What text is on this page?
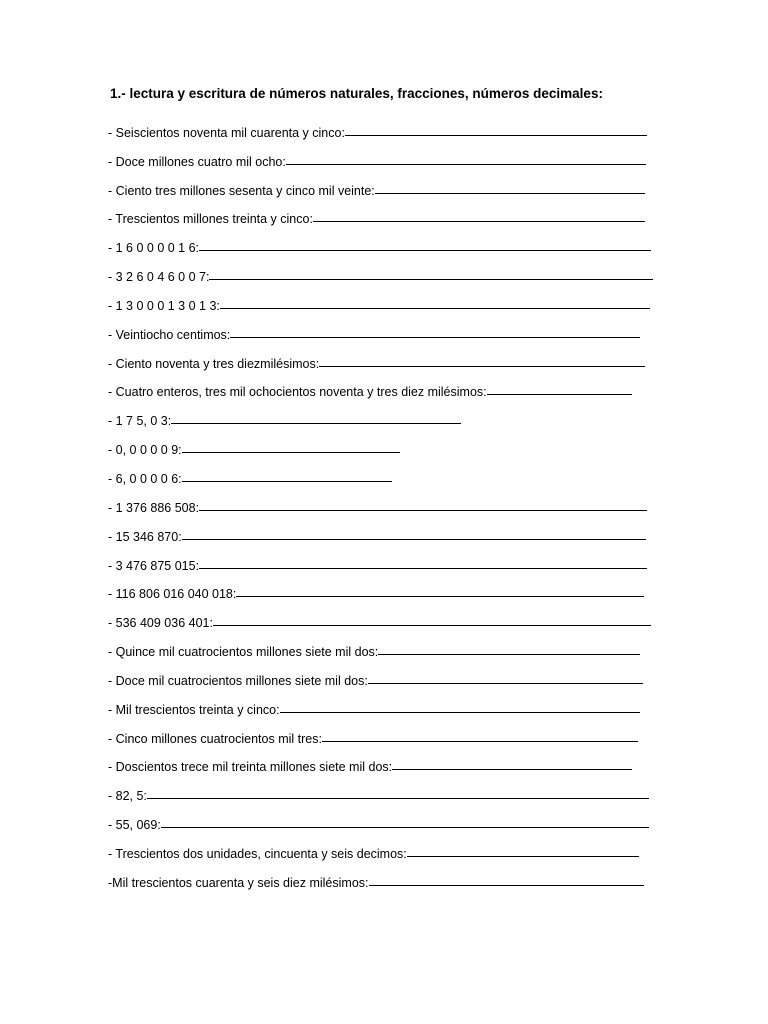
1.- lectura y escritura de números naturales, fracciones, números decimales:
- Seiscientos noventa mil cuarenta y cinco:
- Doce millones cuatro mil ocho:
- Ciento tres millones sesenta y cinco mil veinte:
- Trescientos millones treinta y cinco:
- 1 6 0 0 0 0 1 6:
- 3 2 6 0 4 6 0 0 7:
- 1 3 0 0 0 1 3 0 1 3:
- Veintiocho centimos:
- Ciento noventa y tres diezmilésimos:
- Cuatro enteros, tres mil ochocientos noventa y tres diez milésimos:
- 1 7 5, 0 3:
- 0, 0 0 0 0 9:
- 6, 0 0 0 0 6:
- 1 376 886 508:
- 15 346 870:
- 3 476 875 015:
- 116 806 016 040 018:
- 536 409 036 401:
- Quince mil cuatrocientos millones siete mil dos:
- Doce mil cuatrocientos millones siete mil dos:
- Mil trescientos treinta y cinco:
- Cinco millones cuatrocientos mil tres:
- Doscientos trece mil treinta millones siete mil dos:
- 82, 5:
- 55, 069:
- Trescientos dos unidades, cincuenta y seis decimos:
-Mil trescientos cuarenta y seis diez milésimos:
